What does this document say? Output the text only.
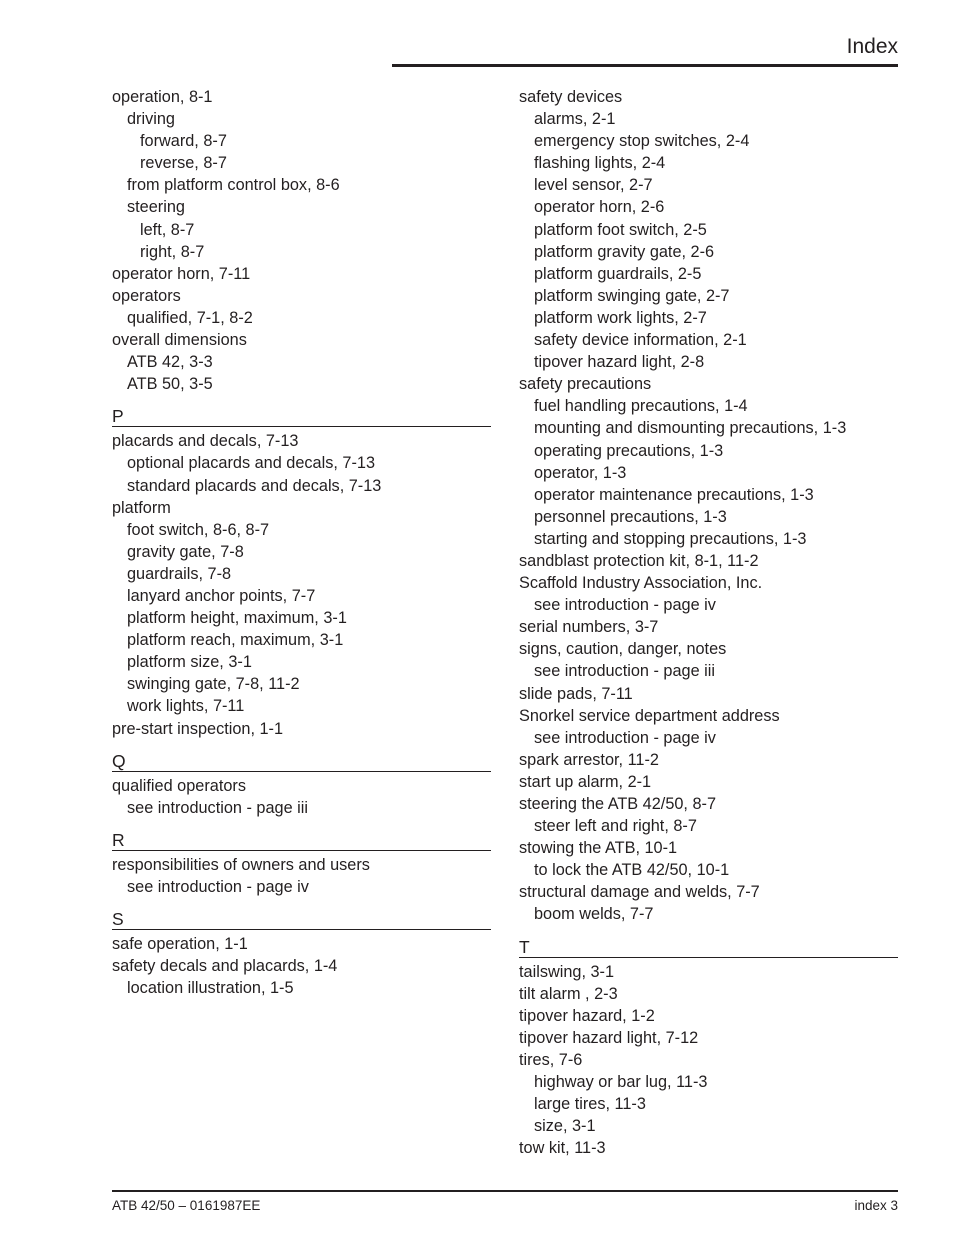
Index
operation, 8-1
driving
forward, 8-7
reverse, 8-7
from platform control box, 8-6
steering
left, 8-7
right, 8-7
operator horn, 7-11
operators
qualified, 7-1, 8-2
overall dimensions
ATB 42, 3-3
ATB 50, 3-5
P
placards and decals, 7-13
optional placards and decals, 7-13
standard placards and decals, 7-13
platform
foot switch, 8-6, 8-7
gravity gate, 7-8
guardrails, 7-8
lanyard anchor points, 7-7
platform height, maximum, 3-1
platform reach, maximum, 3-1
platform size, 3-1
swinging gate, 7-8, 11-2
work lights, 7-11
pre-start inspection, 1-1
Q
qualified operators
see introduction - page iii
R
responsibilities of owners and users
see introduction - page iv
S
safe operation, 1-1
safety decals and placards, 1-4
location illustration, 1-5
safety devices
alarms, 2-1
emergency stop switches, 2-4
flashing lights, 2-4
level sensor, 2-7
operator horn, 2-6
platform foot switch, 2-5
platform gravity gate, 2-6
platform guardrails, 2-5
platform swinging gate, 2-7
platform work lights, 2-7
safety device information, 2-1
tipover hazard light, 2-8
safety precautions
fuel handling precautions, 1-4
mounting and dismounting precautions, 1-3
operating precautions, 1-3
operator, 1-3
operator maintenance precautions, 1-3
personnel precautions, 1-3
starting and stopping precautions, 1-3
sandblast protection kit, 8-1, 11-2
Scaffold Industry Association, Inc.
see introduction - page iv
serial numbers, 3-7
signs, caution, danger, notes
see introduction - page iii
slide pads, 7-11
Snorkel service department address
see introduction - page iv
spark arrestor, 11-2
start up alarm, 2-1
steering the ATB 42/50, 8-7
steer left and right, 8-7
stowing the ATB, 10-1
to lock the ATB 42/50, 10-1
structural damage and welds, 7-7
boom welds, 7-7
T
tailswing, 3-1
tilt alarm , 2-3
tipover hazard, 1-2
tipover hazard light, 7-12
tires, 7-6
highway or bar lug, 11-3
large tires, 11-3
size, 3-1
tow kit, 11-3
ATB 42/50 – 0161987EE	index 3
